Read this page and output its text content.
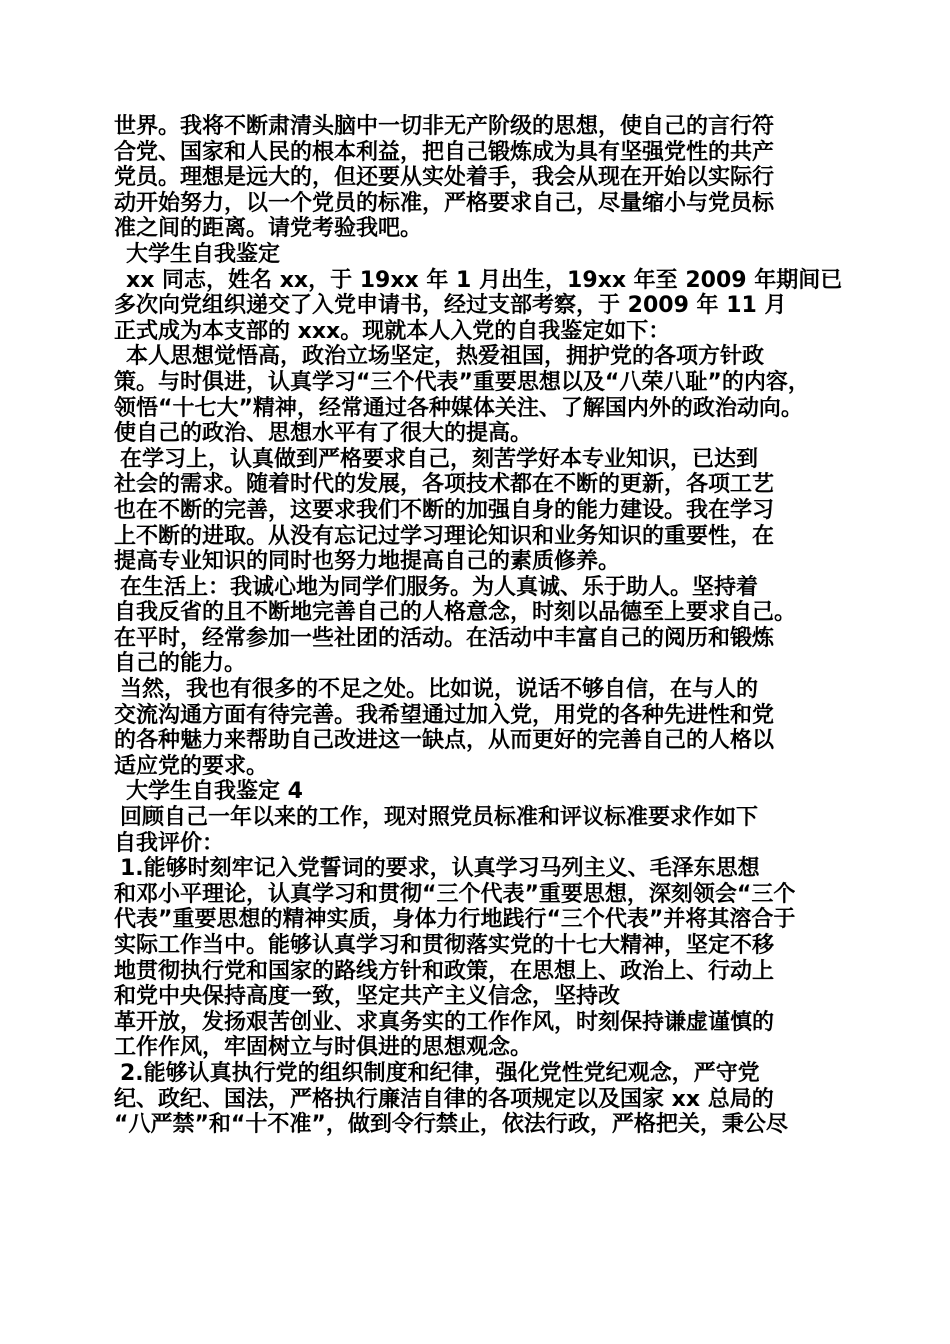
世界。我将不断肃清头脑中一切非无产阶级的思想，使自己的言行符
合党、国家和人民的根本利益，把自己锻炼成为具有坚强党性的共产
党员。理想是远大的，但还要从实处着手，我会从现在开始以实际行
动开始努力，以一个党员的标准，严格要求自己，尽量缩小与党员标
准之间的距离。请党考验我吧。
大学生自我鉴定
xx 同志，姓名 xx，于 19xx 年 1 月出生，19xx 年至 2009 年期间已
多次向党组织递交了入党申请书，经过支部考察，于 2009 年 11 月
正式成为本支部的 xxx。现就本人入党的自我鉴定如下：
本人思想觉悟高，政治立场坚定，热爱祖国，拥护党的各项方针政
策。与时俱进，认真学习“三个代表”重要思想以及“八荣八耻”的内容，
领悟“十七大”精神，经常通过各种媒体关注、了解国内外的政治动向。
使自己的政治、思想水平有了很大的提高。
在学习上，认真做到严格要求自己，刻苦学好本专业知识，已达到
社会的需求。随着时代的发展，各项技术都在不断的更新，各项工艺
也在不断的完善，这要求我们不断的加强自身的能力建设。我在学习
上不断的进取。从没有忘记过学习理论知识和业务知识的重要性，在
提高专业知识的同时也努力地提高自己的素质修养。
在生活上：我诚心地为同学们服务。为人真诚、乐于助人。坚持着
自我反省的且不断地完善自己的人格意念，时刻以品德至上要求自己。
在平时，经常参加一些社团的活动。在活动中丰富自己的阅历和锻炼
自己的能力。
当然，我也有很多的不足之处。比如说，说话不够自信，在与人的
交流沟通方面有待完善。我希望通过加入党，用党的各种先进性和党
的各种魅力来帮助自己改进这一缺点，从而更好的完善自己的人格以
适应党的要求。
大学生自我鉴定 4
回顾自己一年以来的工作，现对照党员标准和评议标准要求作如下
自我评价：
1.能够时刻牢记入党誓词的要求，认真学习马列主义、毛泽东思想
和邓小平理论，认真学习和贯彻“三个代表”重要思想，深刻领会“三个
代表”重要思想的精神实质，身体力行地践行“三个代表”并将其溶合于
实际工作当中。能够认真学习和贯彻落实党的十七大精神，坚定不移
地贯彻执行党和国家的路线方针和政策，在思想上、政治上、行动上
和党中央保持高度一致，坚定共产主义信念，坚持改
革开放，发扬艰苦创业、求真务实的工作作风，时刻保持谦虚谨慎的
工作作风，牢固树立与时俱进的思想观念。
2.能够认真执行党的组织制度和纪律，强化党性党纪观念，严守党
纪、政纪、国法，严格执行廉洁自律的各项规定以及国家 xx 总局的
“八严禁”和“十不准”，做到令行禁止，依法行政，严格把关，秉公尽
